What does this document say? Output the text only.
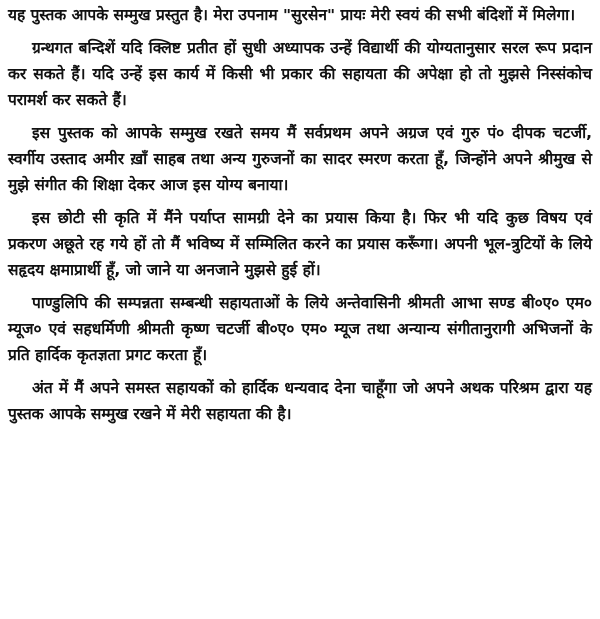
यह पुस्तक आपके सम्मुख प्रस्तुत है। मेरा उपनाम "सुरसेन" प्रायः मेरी स्वयं की सभी बंदिशों में मिलेगा।

ग्रन्थगत बन्दिशें यदि क्लिष्ट प्रतीत हों सुधी अध्यापक उन्हें विद्यार्थी की योग्यतानुसार सरल रूप प्रदान कर सकते हैं। यदि उन्हें इस कार्य में किसी भी प्रकार की सहायता की अपेक्षा हो तो मुझसे निस्संकोच परामर्श कर सकते हैं।

इस पुस्तक को आपके सम्मुख रखते समय मैं सर्वप्रथम अपने अग्रज एवं गुरु पं० दीपक चटर्जी, स्वर्गीय उस्ताद अमीर ख़ाँ साहब तथा अन्य गुरुजनों का सादर स्मरण करता हूँ, जिन्होंने अपने श्रीमुख से मुझे संगीत की शिक्षा देकर आज इस योग्य बनाया।

इस छोटी सी कृति में मैंने पर्याप्त सामग्री देने का प्रयास किया है। फिर भी यदि कुछ विषय एवं प्रकरण अछूते रह गये हों तो मैं भविष्य में सम्मिलित करने का प्रयास करूँगा। अपनी भूल-त्रुटियों के लिये सहृदय क्षमाप्रार्थी हूँ, जो जाने या अनजाने मुझसे हुई हों।

पाण्डुलिपि की सम्पन्नता सम्बन्धी सहायताओं के लिये अन्तेवासिनी श्रीमती आभा सण्ड बी०ए० एम० म्यूज० एवं सहधर्मिणी श्रीमती कृष्ण चटर्जी बी०ए० एम० म्यूज तथा अन्यान्य संगीतानुरागी अभिजनों के प्रति हार्दिक कृतज्ञता प्रगट करता हूँ।

अंत में मैं अपने समस्त सहायकों को हार्दिक धन्यवाद देना चाहूँगा जो अपने अथक परिश्रम द्वारा यह पुस्तक आपके सम्मुख रखने में मेरी सहायता की है।
